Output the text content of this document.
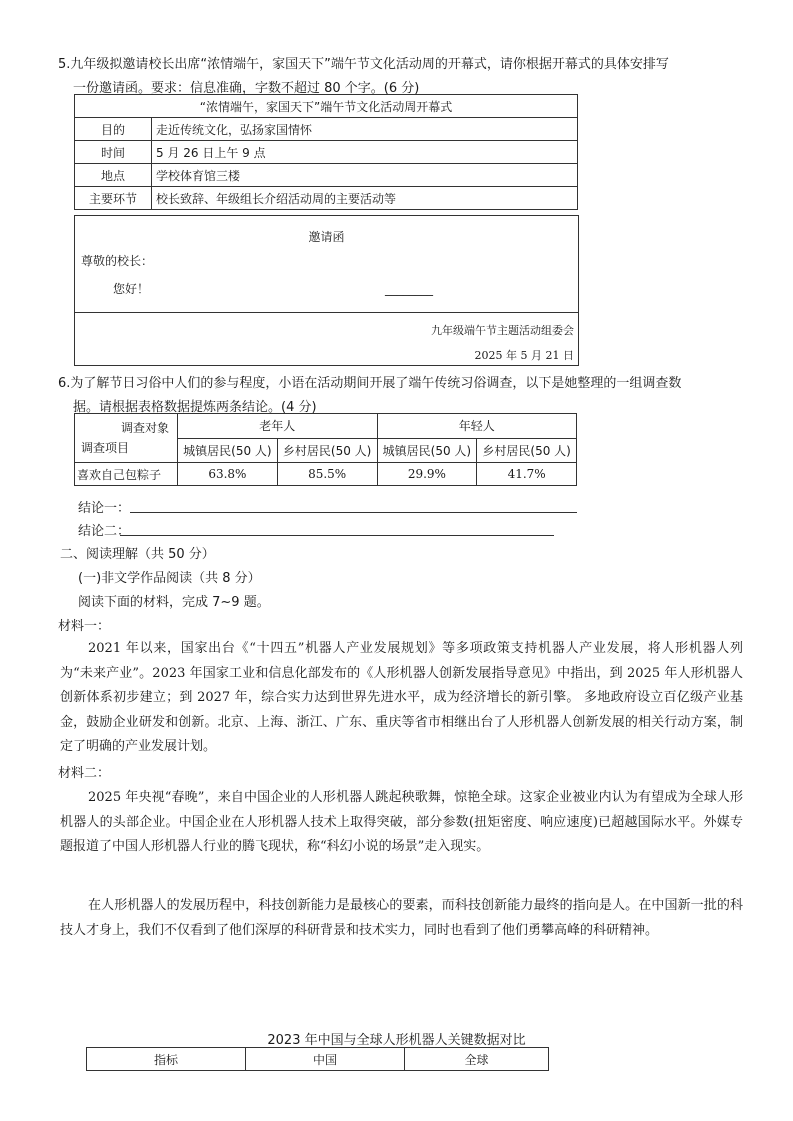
5.九年级拟邀请校长出席“浓情端午，家国天下”端午节文化活动周的开幕式，请你根据开幕式的具体安排写
一份邀请函。要求：信息准确，字数不超过 80 个字。(6 分)
“浓情端午，家国天下”端午节文化活动周开幕式	
目的	走近传统文化，弘扬家国情怀
时间	5 月 26 日上午 9 点
地点	学校体育馆三楼
主要环节	校长致辞、年级组长介绍活动周的主要活动等
邀请函
尊敬的校长：
您好！	________
九年级端午节主题活动组委会
2025 年 5 月 21 日
6.为了解节日习俗中人们的参与程度，小语在活动期间开展了端午传统习俗调查，以下是她整理的一组调查数
据。请根据表格数据提炼两条结论。(4 分)
调查对象
调查项目	老年人		年轻人	
	城镇居民(50 人)	乡村居民(50 人)	城镇居民(50 人)	乡村居民(50 人)
喜欢自己包粽子	63.8%	85.5%	29.9%	41.7%
结论一：
结论二：
二、阅读理解（共 50 分）
(一)非文学作品阅读（共 8 分）
阅读下面的材料，完成 7~9 题。
材料一：
2021 年以来，国家出台《“十四五”机器人产业发展规划》等多项政策支持机器人产业发展，将人形机器人列为“未来产业”。2023 年国家工业和信息化部发布的《人形机器人创新发展指导意见》中指出，到 2025 年人形机器人创新体系初步建立；到 2027 年，综合实力达到世界先进水平，成为经济增长的新引擎。 多地政府设立百亿级产业基金，鼓励企业研发和创新。北京、上海、浙江、广东、重庆等省市相继出台了人形机器人创新发展的相关行动方案，制定了明确的产业发展计划。
材料二：
2025 年央视“春晚”，来自中国企业的人形机器人跳起秧歌舞，惊艳全球。这家企业被业内认为有望成为全球人形机器人的头部企业。中国企业在人形机器人技术上取得突破，部分参数(扭矩密度、响应速度)已超越国际水平。外媒专题报道了中国人形机器人行业的腾飞现状，称“科幻小说的场景”走入现实。
在人形机器人的发展历程中，科技创新能力是最核心的要素，而科技创新能力最终的指向是人。在中国新一批的科技人才身上，我们不仅看到了他们深厚的科研背景和技术实力，同时也看到了他们勇攀高峰的科研精神。
2023 年中国与全球人形机器人关键数据对比
指标	中国	全球
